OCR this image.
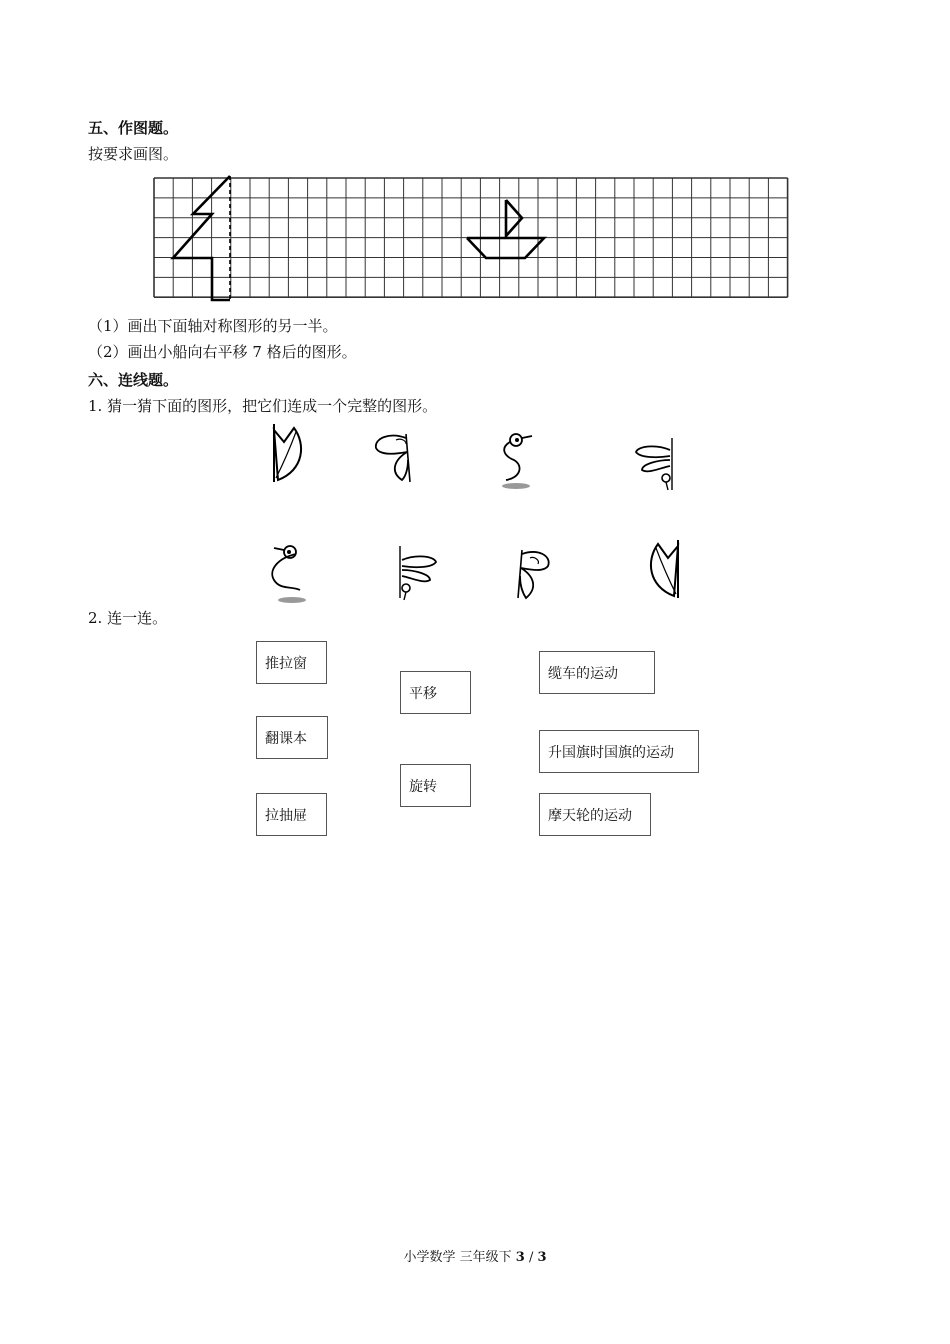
五、作图题。
按要求画图。
（1）画出下面轴对称图形的另一半。
（2）画出小船向右平移 7 格后的图形。
六、连线题。
1. 猜一猜下面的图形，把它们连成一个完整的图形。
2. 连一连。
推拉窗
翻课本
拉抽屉
平移
旋转
缆车的运动
升国旗时国旗的运动
摩天轮的运动
小学数学 三年级下 3 / 3
